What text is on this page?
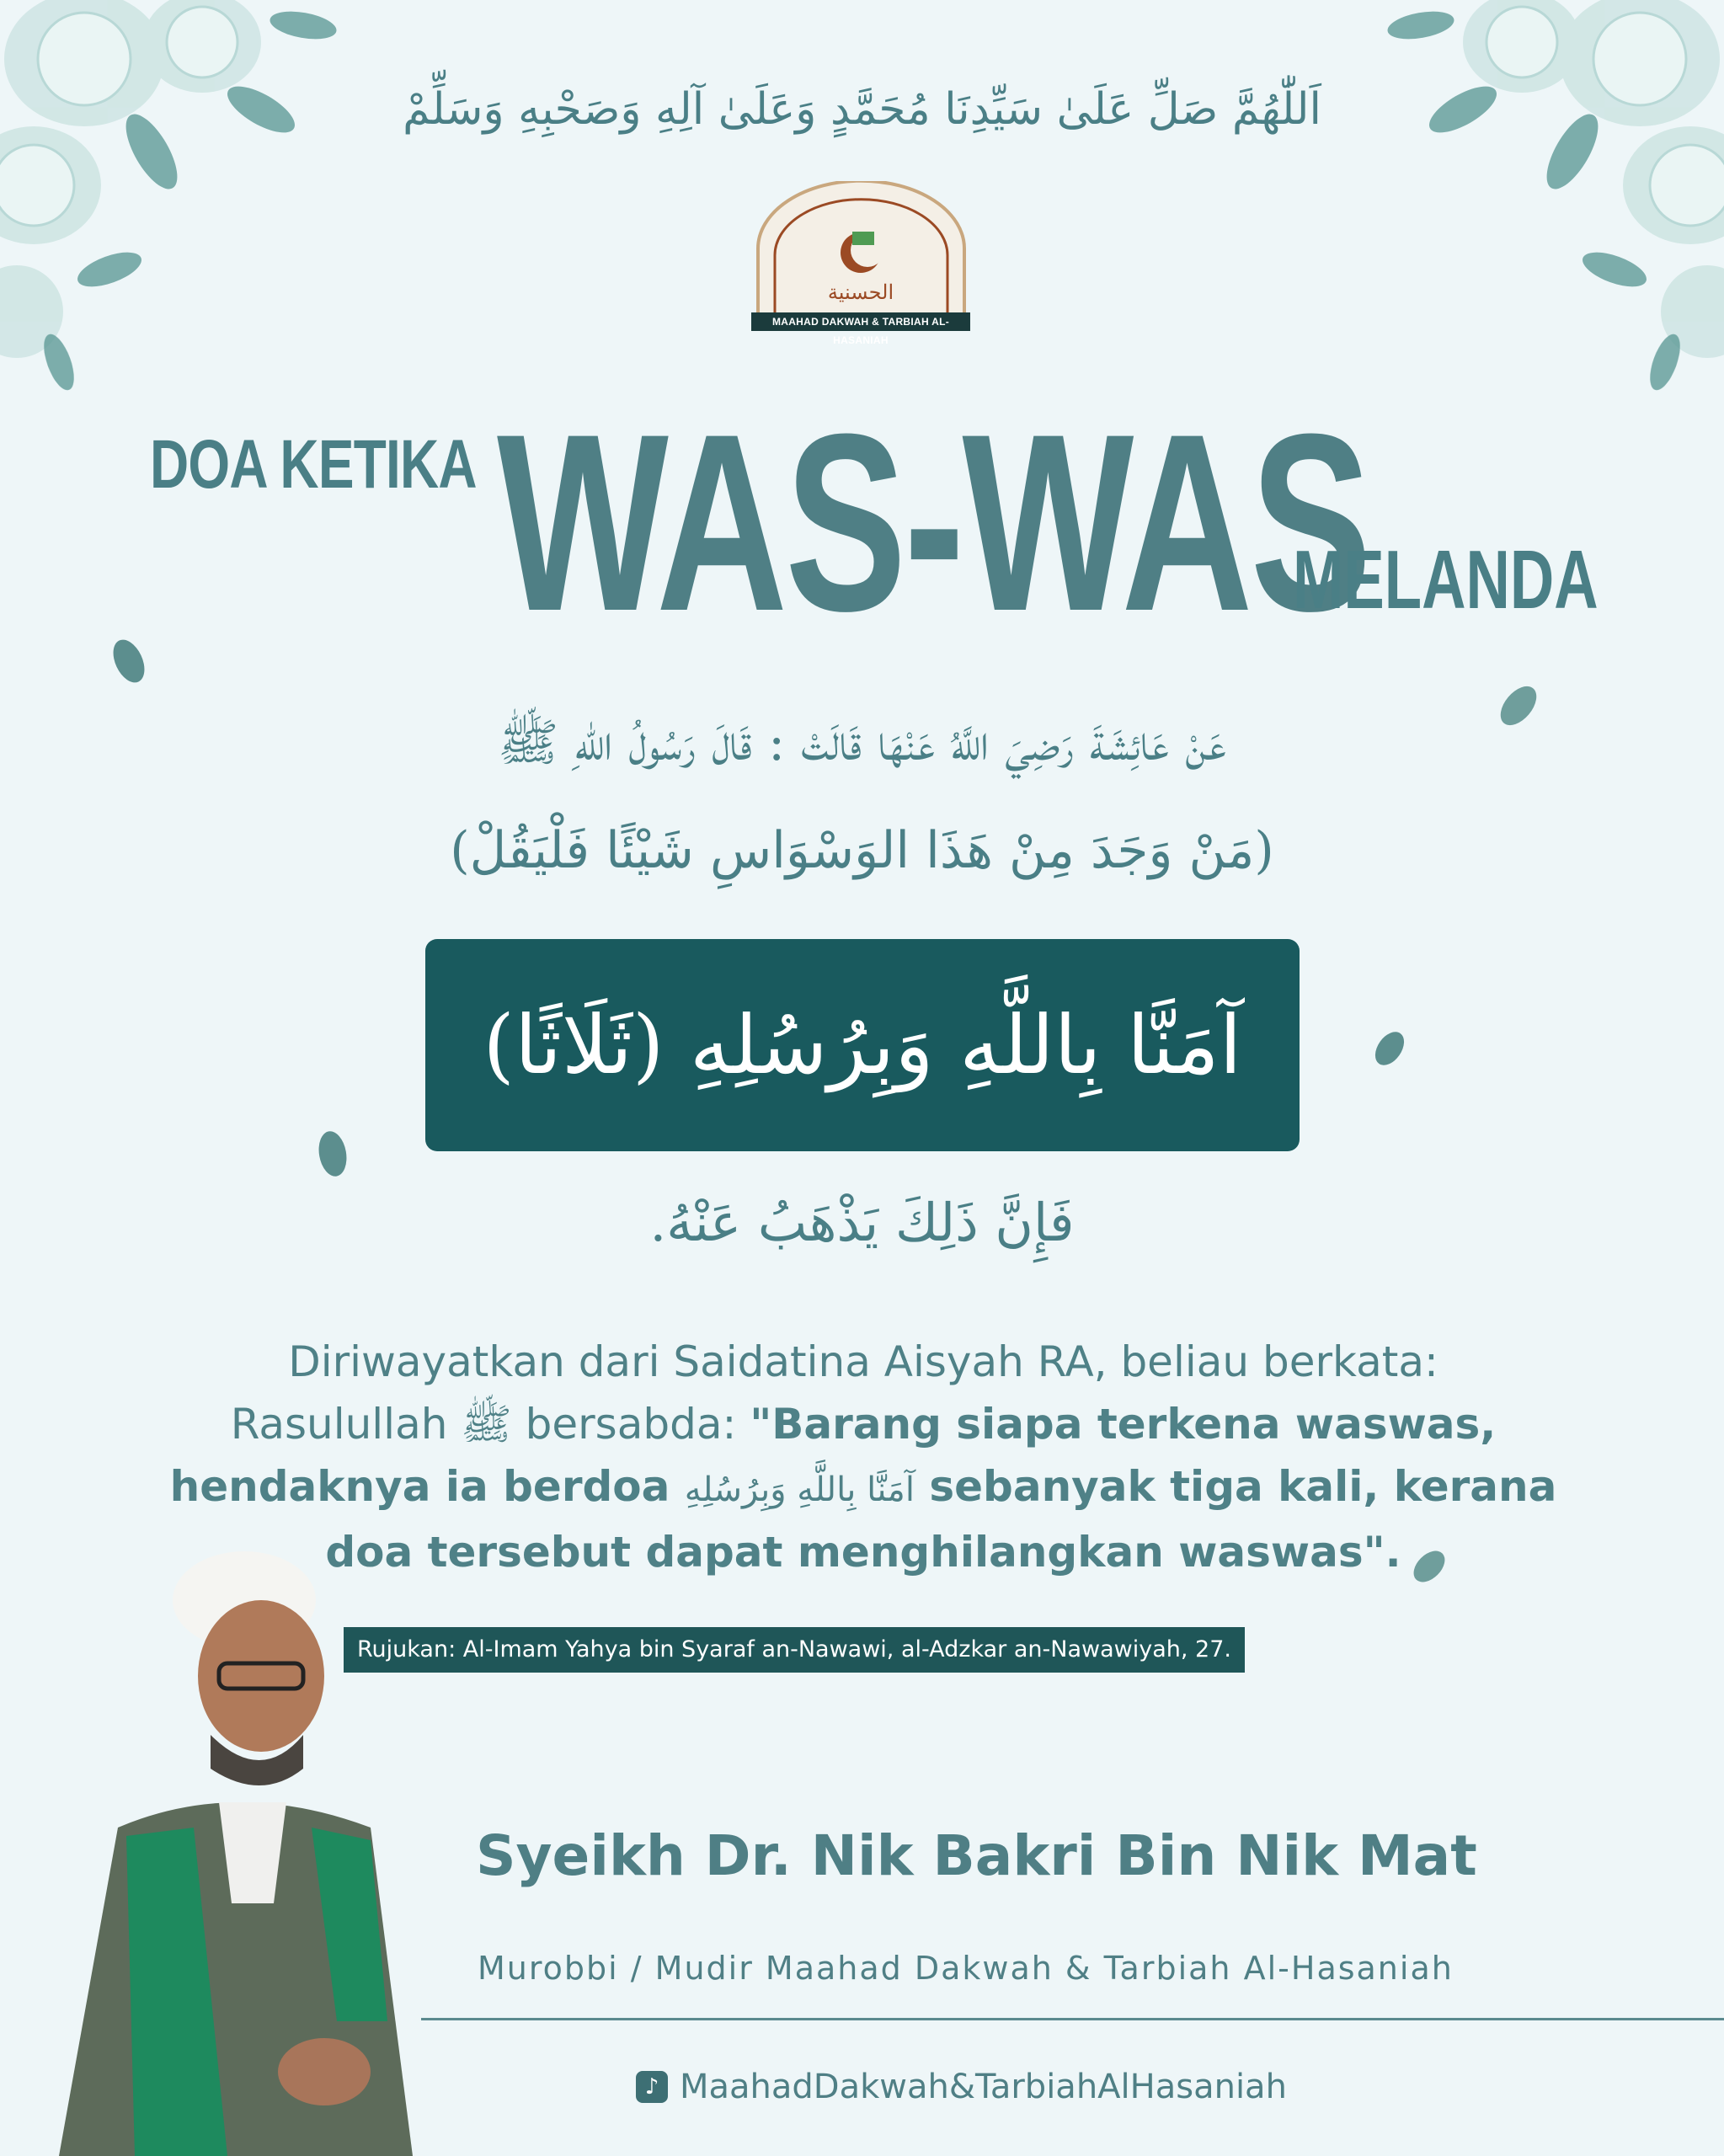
اَللّٰهُمَّ صَلِّ عَلَىٰ سَيِّدِنَا مُحَمَّدٍ وَعَلَىٰ آلِهِ وَصَحْبِهِ وَسَلِّمْ
الحسنية
MAAHAD DAKWAH & TARBIAH AL-HASANIAH
DOA KETIKA WAS-WAS
MELANDA
عَنْ عَائِشَةَ رَضِيَ اللَّهُ عَنْهَا قَالَتْ : قَالَ رَسُولُ اللهِ ﷺ
(مَنْ وَجَدَ مِنْ هَذَا الوَسْوَاسِ شَيْئًا فَلْيَقُلْ)
آمَنَّا بِاللَّهِ وَبِرُسُلِهِ (ثَلَاثًا)
فَإِنَّ ذَلِكَ يَذْهَبُ عَنْهُ.
Diriwayatkan dari Saidatina Aisyah RA, beliau berkata:
Rasulullah ﷺ bersabda: "Barang siapa terkena waswas,
hendaknya ia berdoa آمَنَّا بِاللَّهِ وَبِرُسُلِهِ sebanyak tiga kali, kerana
doa tersebut dapat menghilangkan waswas".
Rujukan: Al-Imam Yahya bin Syaraf an-Nawawi, al-Adzkar an-Nawawiyah, 27.
Syeikh Dr. Nik Bakri Bin Nik Mat
Murobbi / Mudir Maahad Dakwah & Tarbiah Al-Hasaniah
♪ MaahadDakwah&TarbiahAlHasaniah
